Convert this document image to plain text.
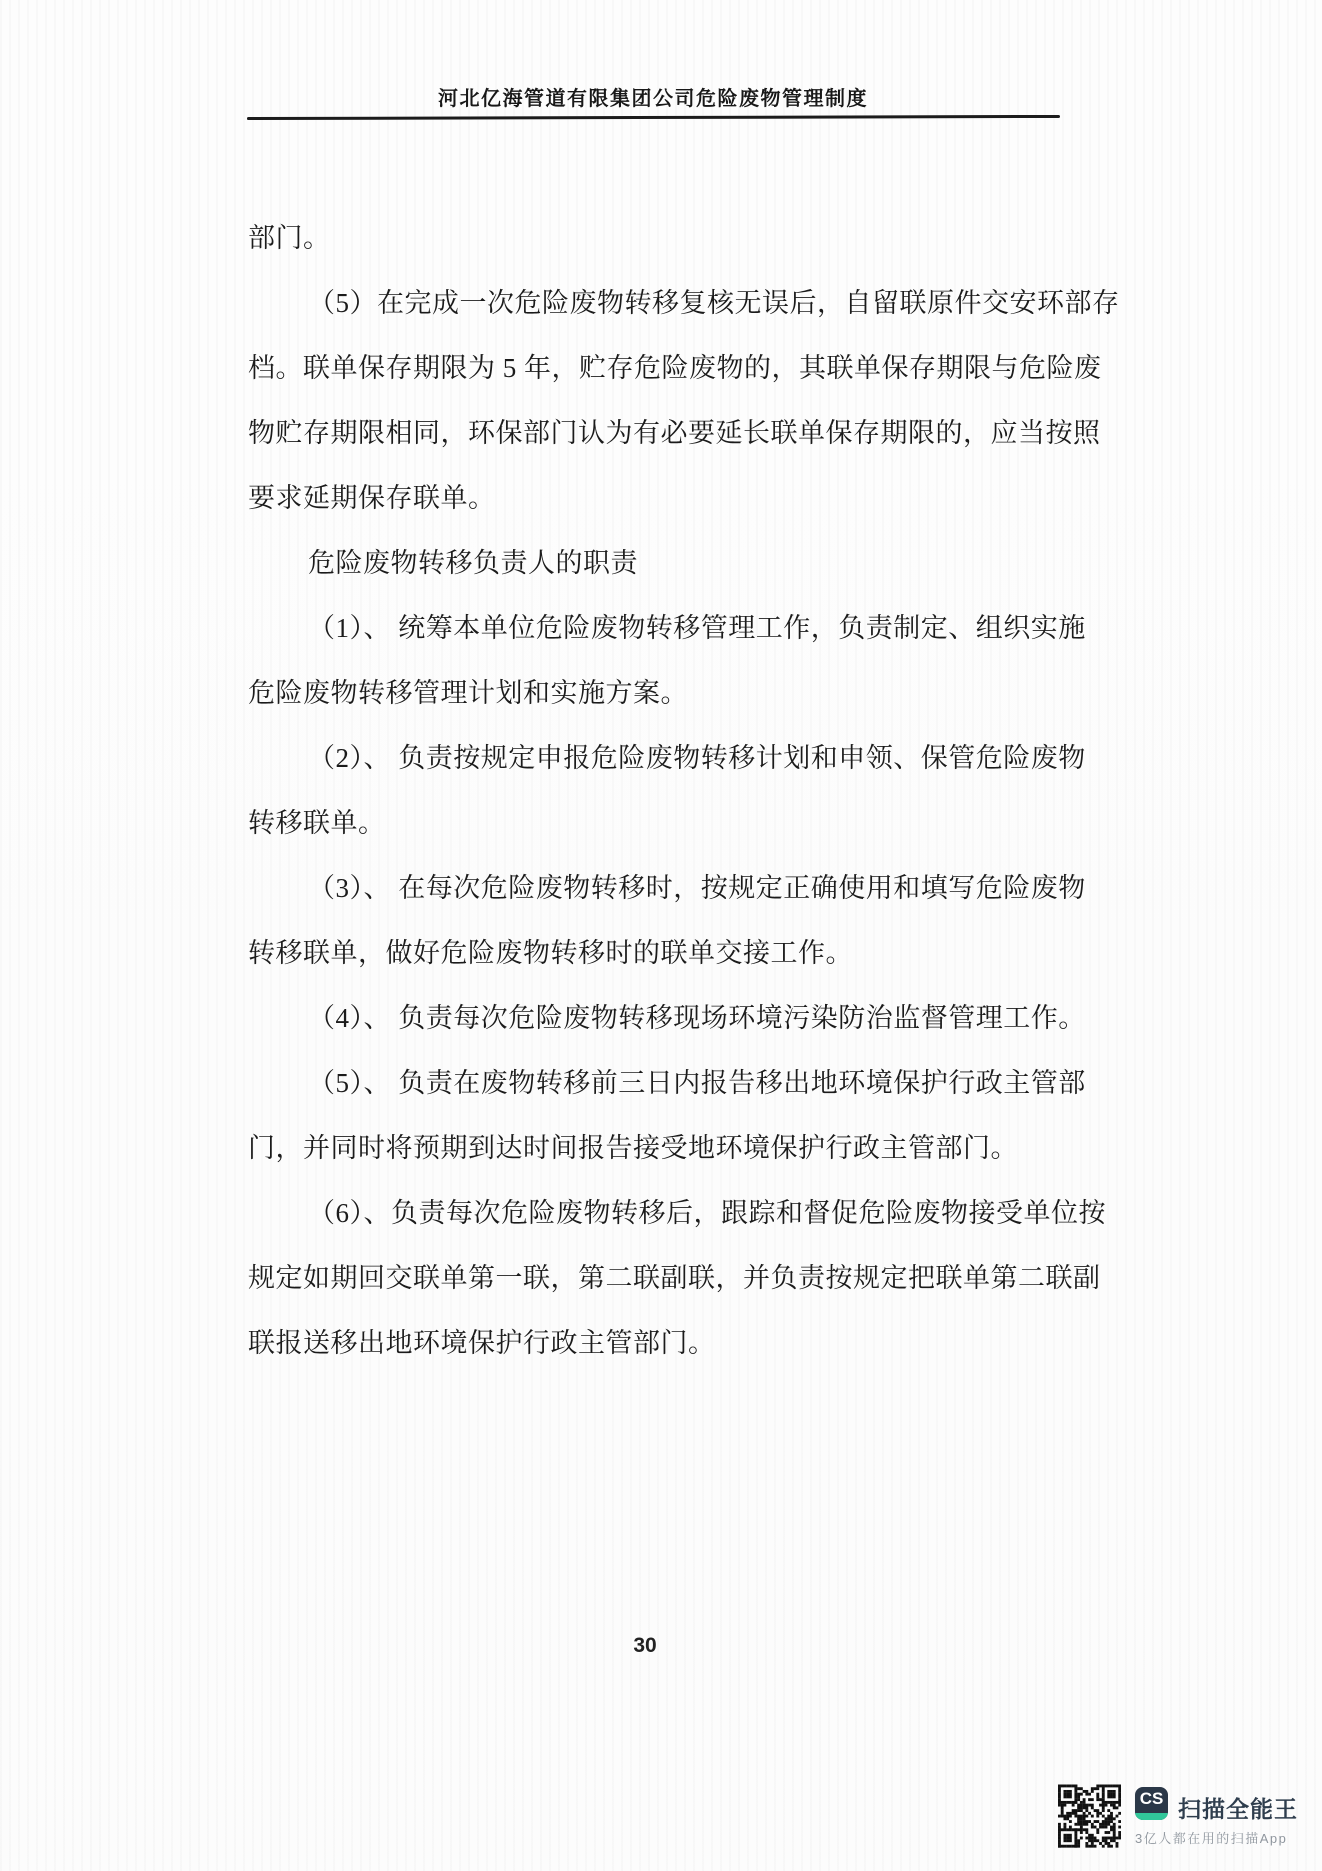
河北亿海管道有限集团公司危险废物管理制度
部门。
（5）在完成一次危险废物转移复核无误后，自留联原件交安环部存
档。联单保存期限为 5 年，贮存危险废物的，其联单保存期限与危险废
物贮存期限相同，环保部门认为有必要延长联单保存期限的，应当按照
要求延期保存联单。
危险废物转移负责人的职责
（1）、 统筹本单位危险废物转移管理工作，负责制定、组织实施
危险废物转移管理计划和实施方案。
（2）、 负责按规定申报危险废物转移计划和申领、保管危险废物
转移联单。
（3）、 在每次危险废物转移时，按规定正确使用和填写危险废物
转移联单，做好危险废物转移时的联单交接工作。
（4）、 负责每次危险废物转移现场环境污染防治监督管理工作。
（5）、 负责在废物转移前三日内报告移出地环境保护行政主管部
门，并同时将预期到达时间报告接受地环境保护行政主管部门。
（6）、负责每次危险废物转移后，跟踪和督促危险废物接受单位按
规定如期回交联单第一联，第二联副联，并负责按规定把联单第二联副
联报送移出地环境保护行政主管部门。
30
CS 扫描全能王
3亿人都在用的扫描App
